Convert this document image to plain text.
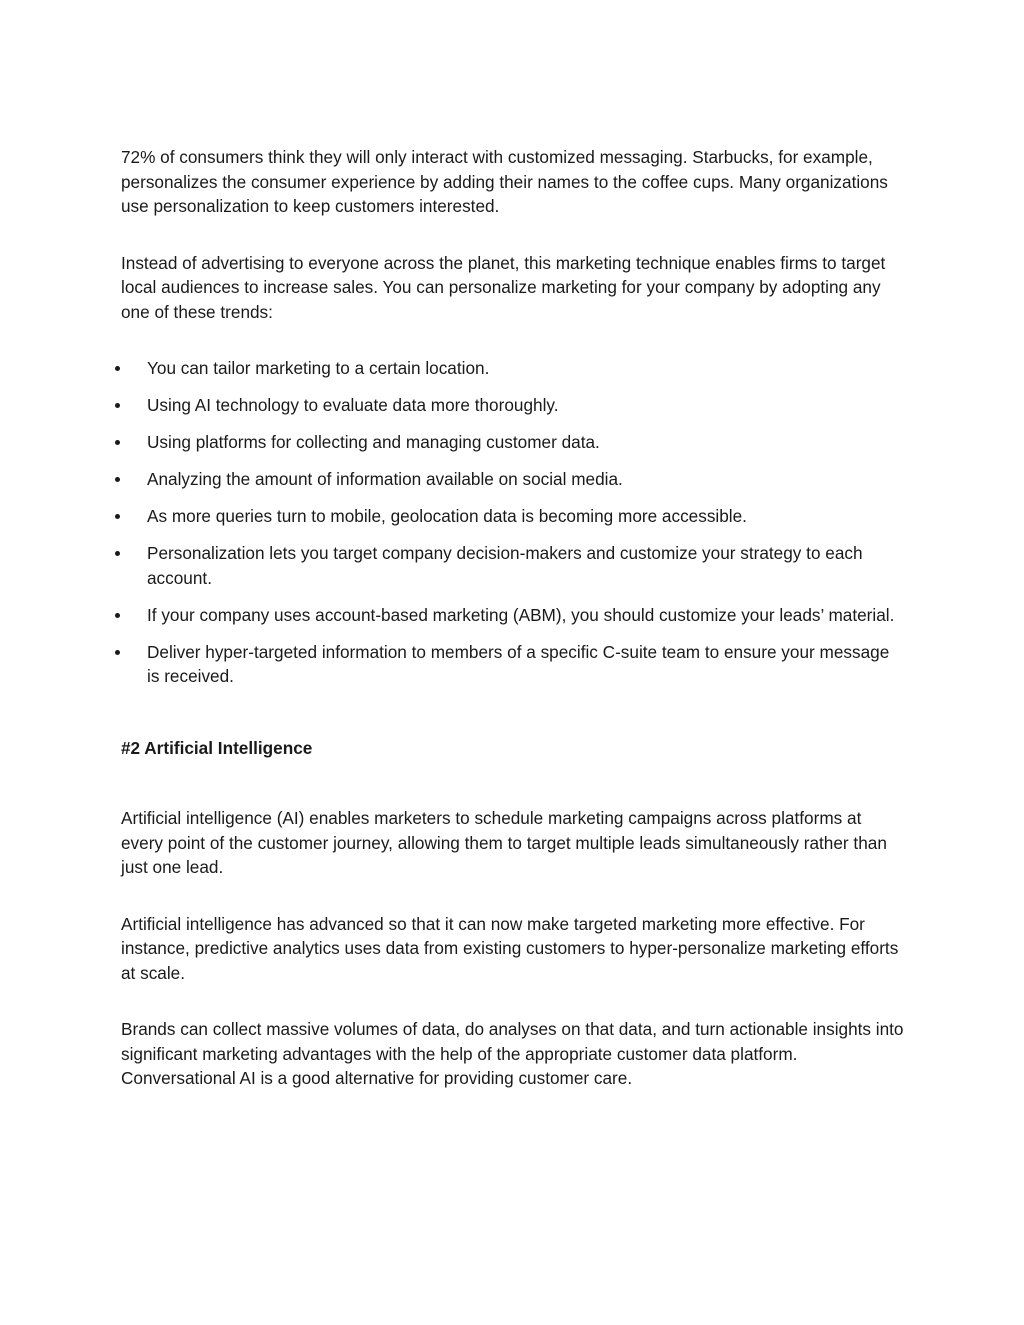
72% of consumers think they will only interact with customized messaging. Starbucks, for example, personalizes the consumer experience by adding their names to the coffee cups. Many organizations use personalization to keep customers interested.

Instead of advertising to everyone across the planet, this marketing technique enables firms to target local audiences to increase sales. You can personalize marketing for your company by adopting any one of these trends:

You can tailor marketing to a certain location.
Using AI technology to evaluate data more thoroughly.
Using platforms for collecting and managing customer data.
Analyzing the amount of information available on social media.
As more queries turn to mobile, geolocation data is becoming more accessible.
Personalization lets you target company decision-makers and customize your strategy to each account.
If your company uses account-based marketing (ABM), you should customize your leads’ material.
Deliver hyper-targeted information to members of a specific C-suite team to ensure your message is received.

#2 Artificial Intelligence

Artificial intelligence (AI) enables marketers to schedule marketing campaigns across platforms at every point of the customer journey, allowing them to target multiple leads simultaneously rather than just one lead.

Artificial intelligence has advanced so that it can now make targeted marketing more effective. For instance, predictive analytics uses data from existing customers to hyper-personalize marketing efforts at scale.

Brands can collect massive volumes of data, do analyses on that data, and turn actionable insights into significant marketing advantages with the help of the appropriate customer data platform. Conversational AI is a good alternative for providing customer care.
